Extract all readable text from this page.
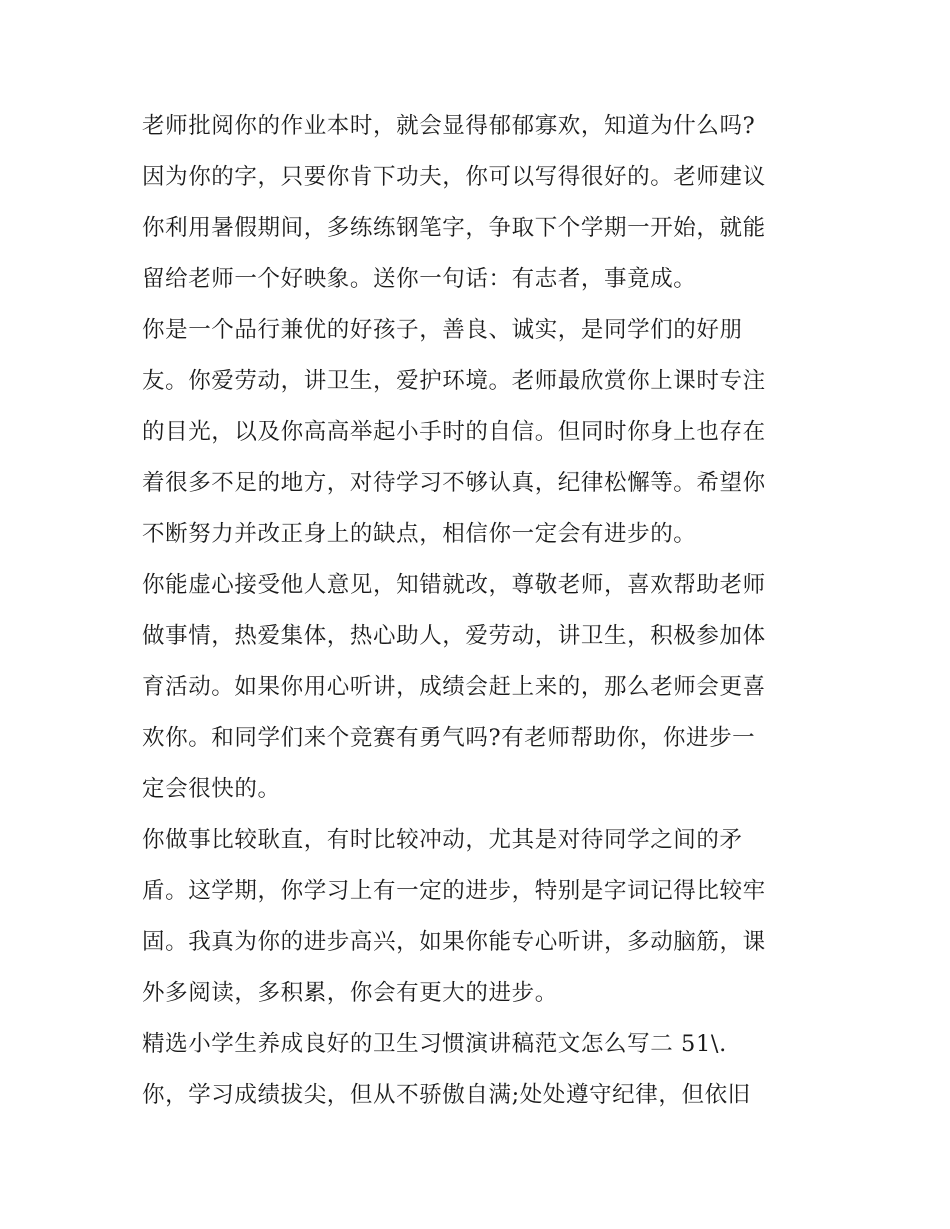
老师批阅你的作业本时，就会显得郁郁寡欢，知道为什么吗?
因为你的字，只要你肯下功夫，你可以写得很好的。老师建议
你利用暑假期间，多练练钢笔字，争取下个学期一开始，就能
留给老师一个好映象。送你一句话：有志者，事竟成。
你是一个品行兼优的好孩子，善良、诚实，是同学们的好朋
友。你爱劳动，讲卫生，爱护环境。老师最欣赏你上课时专注
的目光，以及你高高举起小手时的自信。但同时你身上也存在
着很多不足的地方，对待学习不够认真，纪律松懈等。希望你
不断努力并改正身上的缺点，相信你一定会有进步的。
你能虚心接受他人意见，知错就改，尊敬老师，喜欢帮助老师
做事情，热爱集体，热心助人，爱劳动，讲卫生，积极参加体
育活动。如果你用心听讲，成绩会赶上来的，那么老师会更喜
欢你。和同学们来个竞赛有勇气吗?有老师帮助你，你进步一
定会很快的。
你做事比较耿直，有时比较冲动，尤其是对待同学之间的矛
盾。这学期，你学习上有一定的进步，特别是字词记得比较牢
固。我真为你的进步高兴，如果你能专心听讲，多动脑筋，课
外多阅读，多积累，你会有更大的进步。
精选小学生养成良好的卫生习惯演讲稿范文怎么写二 51\.
你，学习成绩拔尖，但从不骄傲自满;处处遵守纪律，但依旧
